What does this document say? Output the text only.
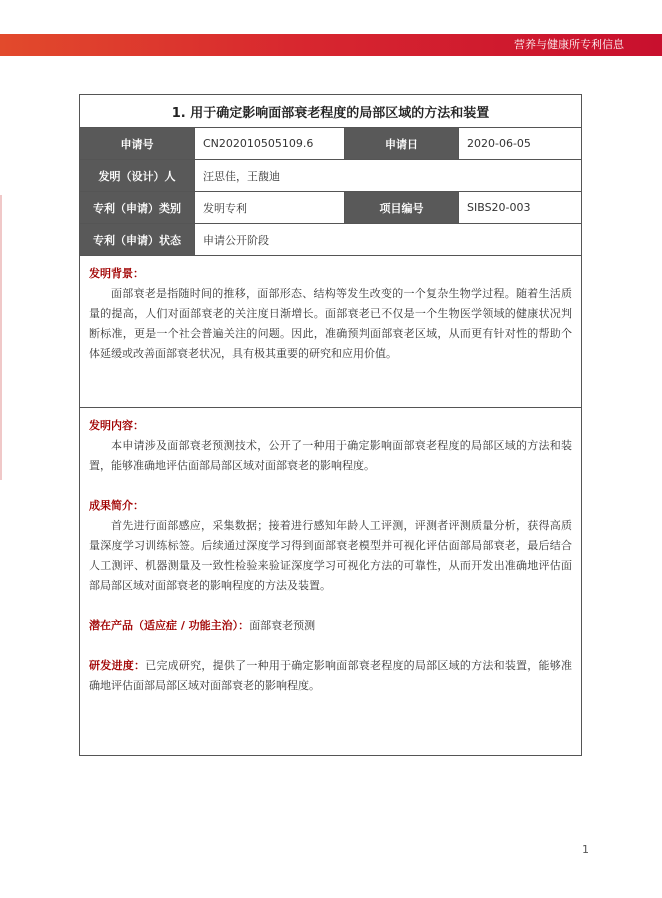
营养与健康所专利信息
1. 用于确定影响面部衰老程度的局部区域的方法和装置
申请号	CN202010505109.6	申请日	2020-06-05
发明（设计）人	汪思佳，王馥迪
专利（申请）类别	发明专利	项目编号	SIBS20-003
专利（申请）状态	申请公开阶段
发明背景：

面部衰老是指随时间的推移，面部形态、结构等发生改变的一个复杂生物学过程。随着生活质量的提高，人们对面部衰老的关注度日渐增长。面部衰老已不仅是一个生物医学领域的健康状况判断标准，更是一个社会普遍关注的问题。因此，准确预判面部衰老区域，从而更有针对性的帮助个体延缓或改善面部衰老状况，具有极其重要的研究和应用价值。

发明内容：

本申请涉及面部衰老预测技术，公开了一种用于确定影响面部衰老程度的局部区域的方法和装置，能够准确地评估面部局部区域对面部衰老的影响程度。

成果简介：

首先进行面部感应，采集数据；接着进行感知年龄人工评测，评测者评测质量分析，获得高质量深度学习训练标签。后续通过深度学习得到面部衰老模型并可视化评估面部局部衰老，最后结合人工测评、机器测量及一致性检验来验证深度学习可视化方法的可靠性，从而开发出准确地评估面部局部区域对面部衰老的影响程度的方法及装置。

潜在产品（适应症 / 功能主治）：面部衰老预测

研发进度：已完成研究，提供了一种用于确定影响面部衰老程度的局部区域的方法和装置，能够准确地评估面部局部区域对面部衰老的影响程度。

1
